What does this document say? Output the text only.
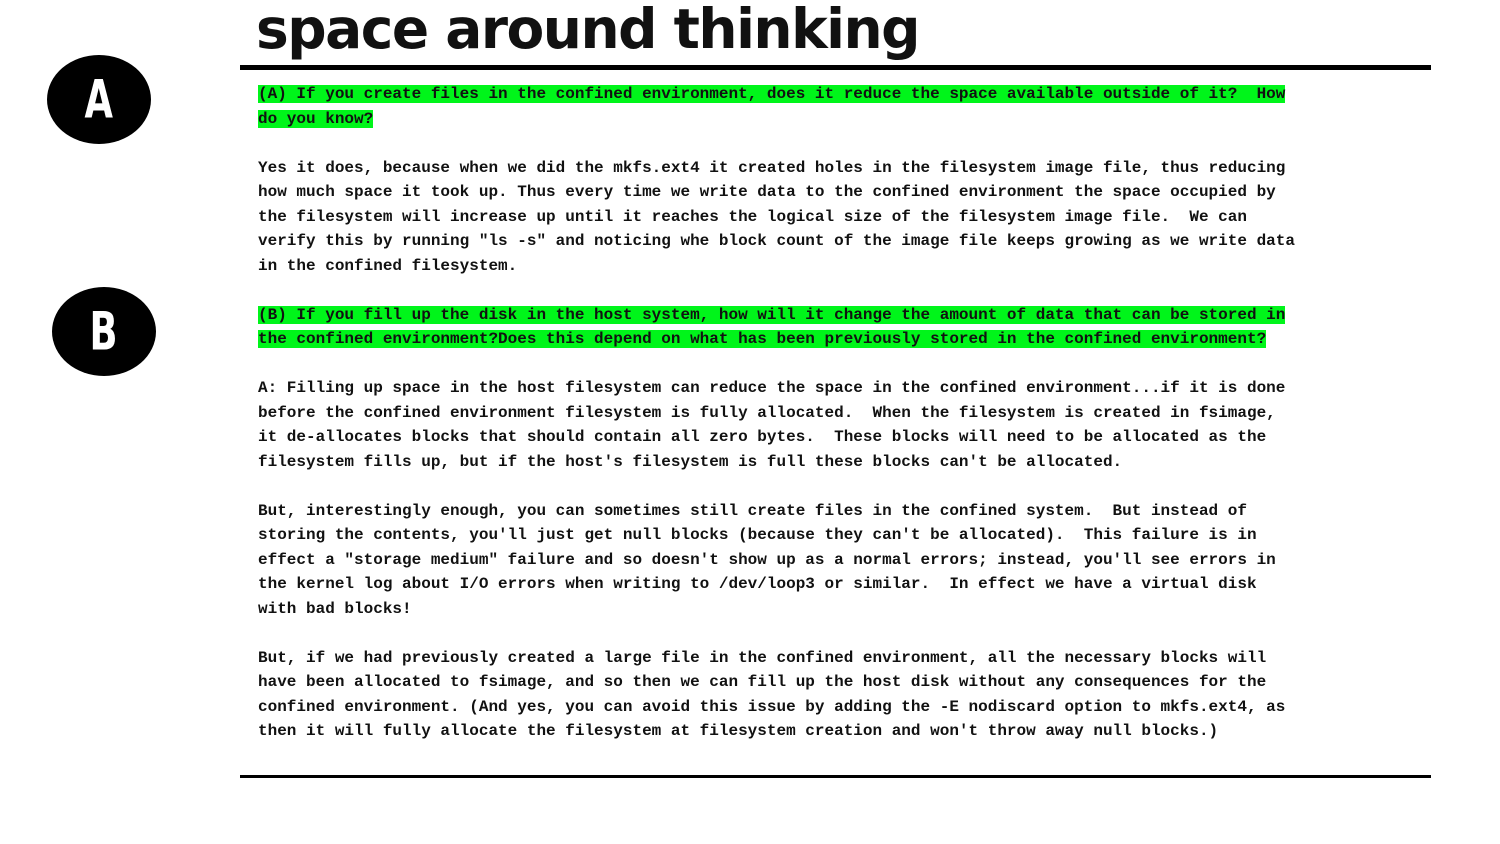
space around thinking
A
B

(A) If you create files in the confined environment, does it reduce the space available outside of it?  How
do you know?

Yes it does, because when we did the mkfs.ext4 it created holes in the filesystem image file, thus reducing
how much space it took up. Thus every time we write data to the confined environment the space occupied by
the filesystem will increase up until it reaches the logical size of the filesystem image file.  We can
verify this by running "ls -s" and noticing whe block count of the image file keeps growing as we write data
in the confined filesystem.

(B) If you fill up the disk in the host system, how will it change the amount of data that can be stored in
the confined environment?Does this depend on what has been previously stored in the confined environment?

A: Filling up space in the host filesystem can reduce the space in the confined environment...if it is done
before the confined environment filesystem is fully allocated.  When the filesystem is created in fsimage,
it de-allocates blocks that should contain all zero bytes.  These blocks will need to be allocated as the
filesystem fills up, but if the host's filesystem is full these blocks can't be allocated.

But, interestingly enough, you can sometimes still create files in the confined system.  But instead of
storing the contents, you'll just get null blocks (because they can't be allocated).  This failure is in
effect a "storage medium" failure and so doesn't show up as a normal errors; instead, you'll see errors in
the kernel log about I/O errors when writing to /dev/loop3 or similar.  In effect we have a virtual disk
with bad blocks!

But, if we had previously created a large file in the confined environment, all the necessary blocks will
have been allocated to fsimage, and so then we can fill up the host disk without any consequences for the
confined environment. (And yes, you can avoid this issue by adding the -E nodiscard option to mkfs.ext4, as
then it will fully allocate the filesystem at filesystem creation and won't throw away null blocks.)
